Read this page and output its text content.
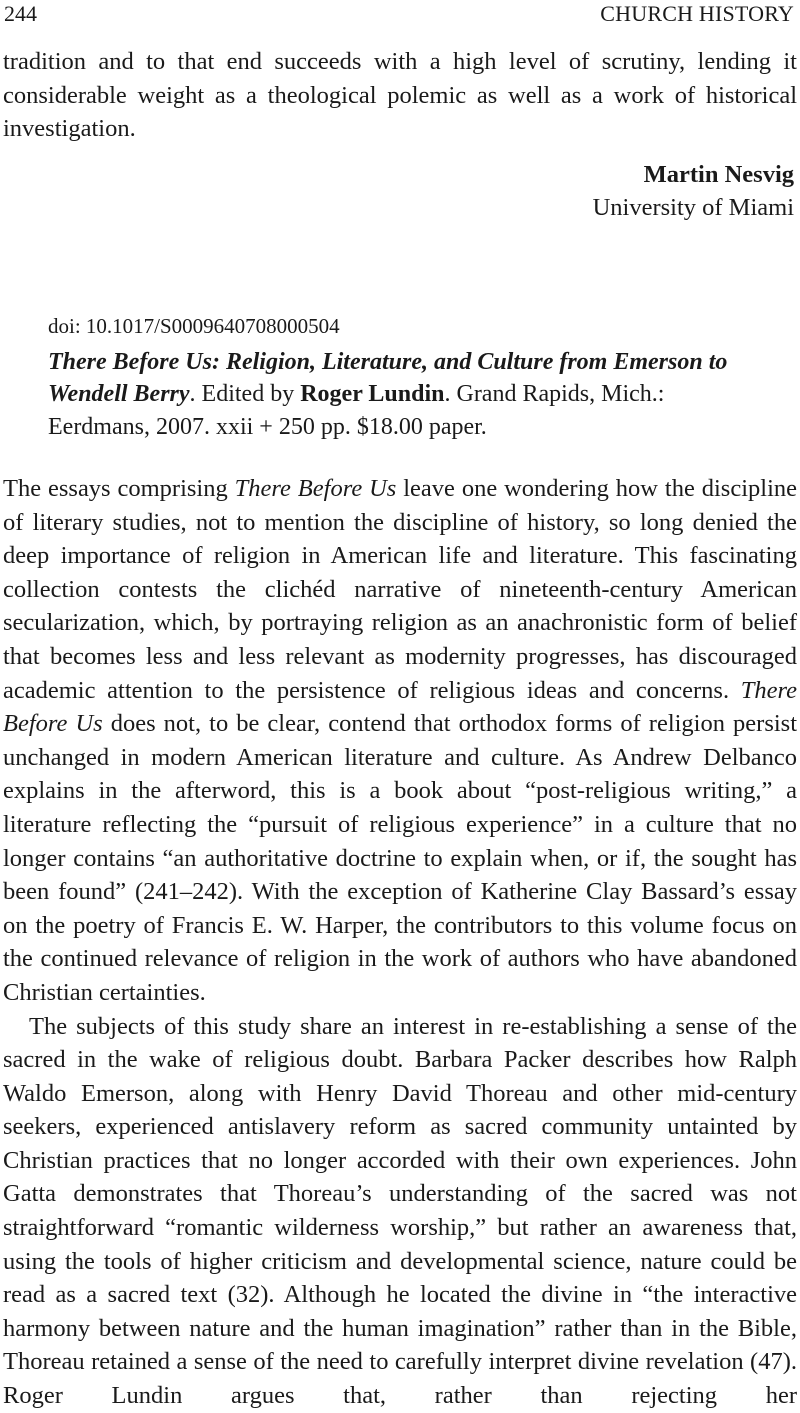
244	CHURCH HISTORY

tradition and to that end succeeds with a high level of scrutiny, lending it considerable weight as a theological polemic as well as a work of historical investigation.

Martin Nesvig
University of Miami
doi: 10.1017/S0009640708000504
There Before Us: Religion, Literature, and Culture from Emerson to Wendell Berry. Edited by Roger Lundin. Grand Rapids, Mich.: Eerdmans, 2007. xxii + 250 pp. $18.00 paper.

The essays comprising There Before Us leave one wondering how the discipline of literary studies, not to mention the discipline of history, so long denied the deep importance of religion in American life and literature. This fascinating collection contests the clichéd narrative of nineteenth-century American secularization, which, by portraying religion as an anachronistic form of belief that becomes less and less relevant as modernity progresses, has discouraged academic attention to the persistence of religious ideas and concerns. There Before Us does not, to be clear, contend that orthodox forms of religion persist unchanged in modern American literature and culture. As Andrew Delbanco explains in the afterword, this is a book about “post-religious writing,” a literature reflecting the “pursuit of religious experience” in a culture that no longer contains “an authoritative doctrine to explain when, or if, the sought has been found” (241–242). With the exception of Katherine Clay Bassard’s essay on the poetry of Francis E. W. Harper, the contributors to this volume focus on the continued relevance of religion in the work of authors who have abandoned Christian certainties.

The subjects of this study share an interest in re-establishing a sense of the sacred in the wake of religious doubt. Barbara Packer describes how Ralph Waldo Emerson, along with Henry David Thoreau and other mid-century seekers, experienced antislavery reform as sacred community untainted by Christian practices that no longer accorded with their own experiences. John Gatta demonstrates that Thoreau’s understanding of the sacred was not straightforward “romantic wilderness worship,” but rather an awareness that, using the tools of higher criticism and developmental science, nature could be read as a sacred text (32). Although he located the divine in “the interactive harmony between nature and the human imagination” rather than in the Bible, Thoreau retained a sense of the need to carefully interpret divine revelation (47). Roger Lundin argues that, rather than rejecting her
